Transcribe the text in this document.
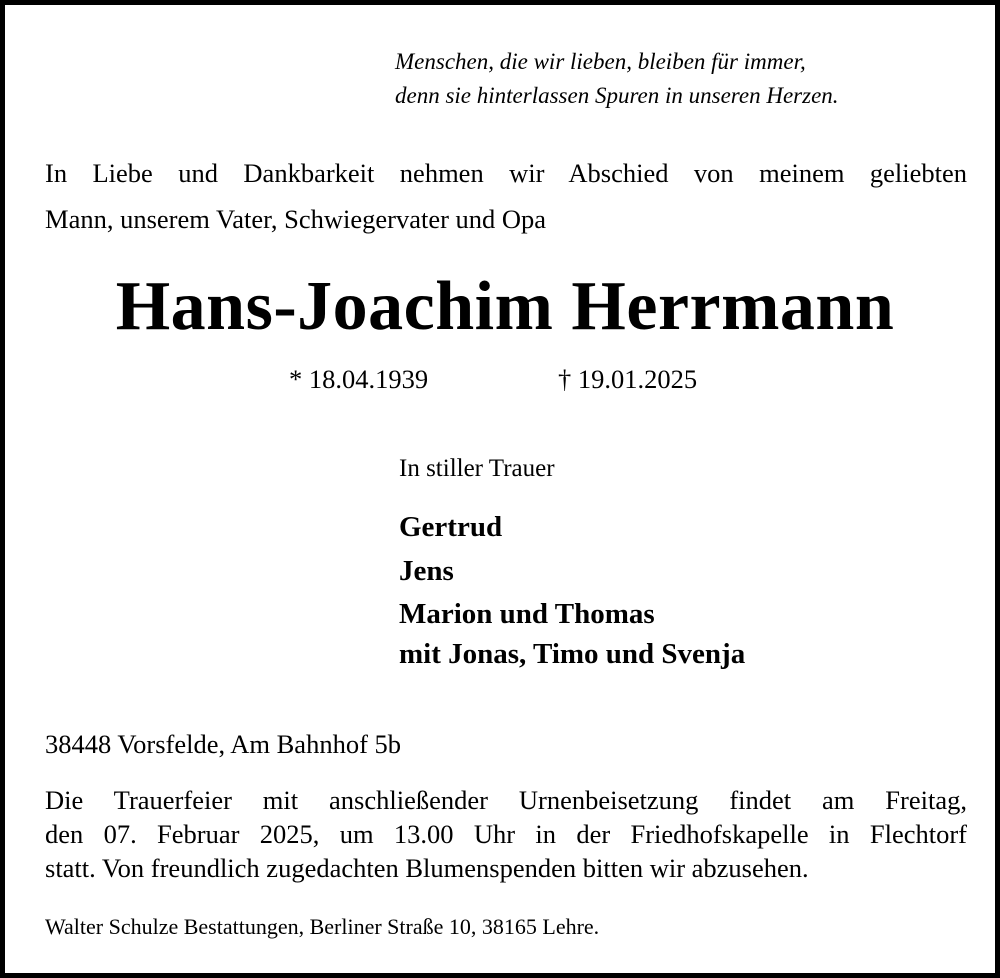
Menschen, die wir lieben, bleiben für immer,

denn sie hinterlassen Spuren in unseren Herzen.

In Liebe und Dankbarkeit nehmen wir Abschied von meinem geliebten

Mann, unserem Vater, Schwiegervater und Opa

Hans-Joachim Herrmann
* 18.04.1939	† 19.01.2025

In stiller Trauer

Gertrud

Jens

Marion und Thomas

mit Jonas, Timo und Svenja

38448 Vorsfelde, Am Bahnhof 5b

Die Trauerfeier mit anschließender Urnenbeisetzung findet am Freitag,

den 07. Februar 2025, um 13.00 Uhr in der Friedhofskapelle in Flechtorf

statt. Von freundlich zugedachten Blumenspenden bitten wir abzusehen.

Walter Schulze Bestattungen, Berliner Straße 10, 38165 Lehre.
